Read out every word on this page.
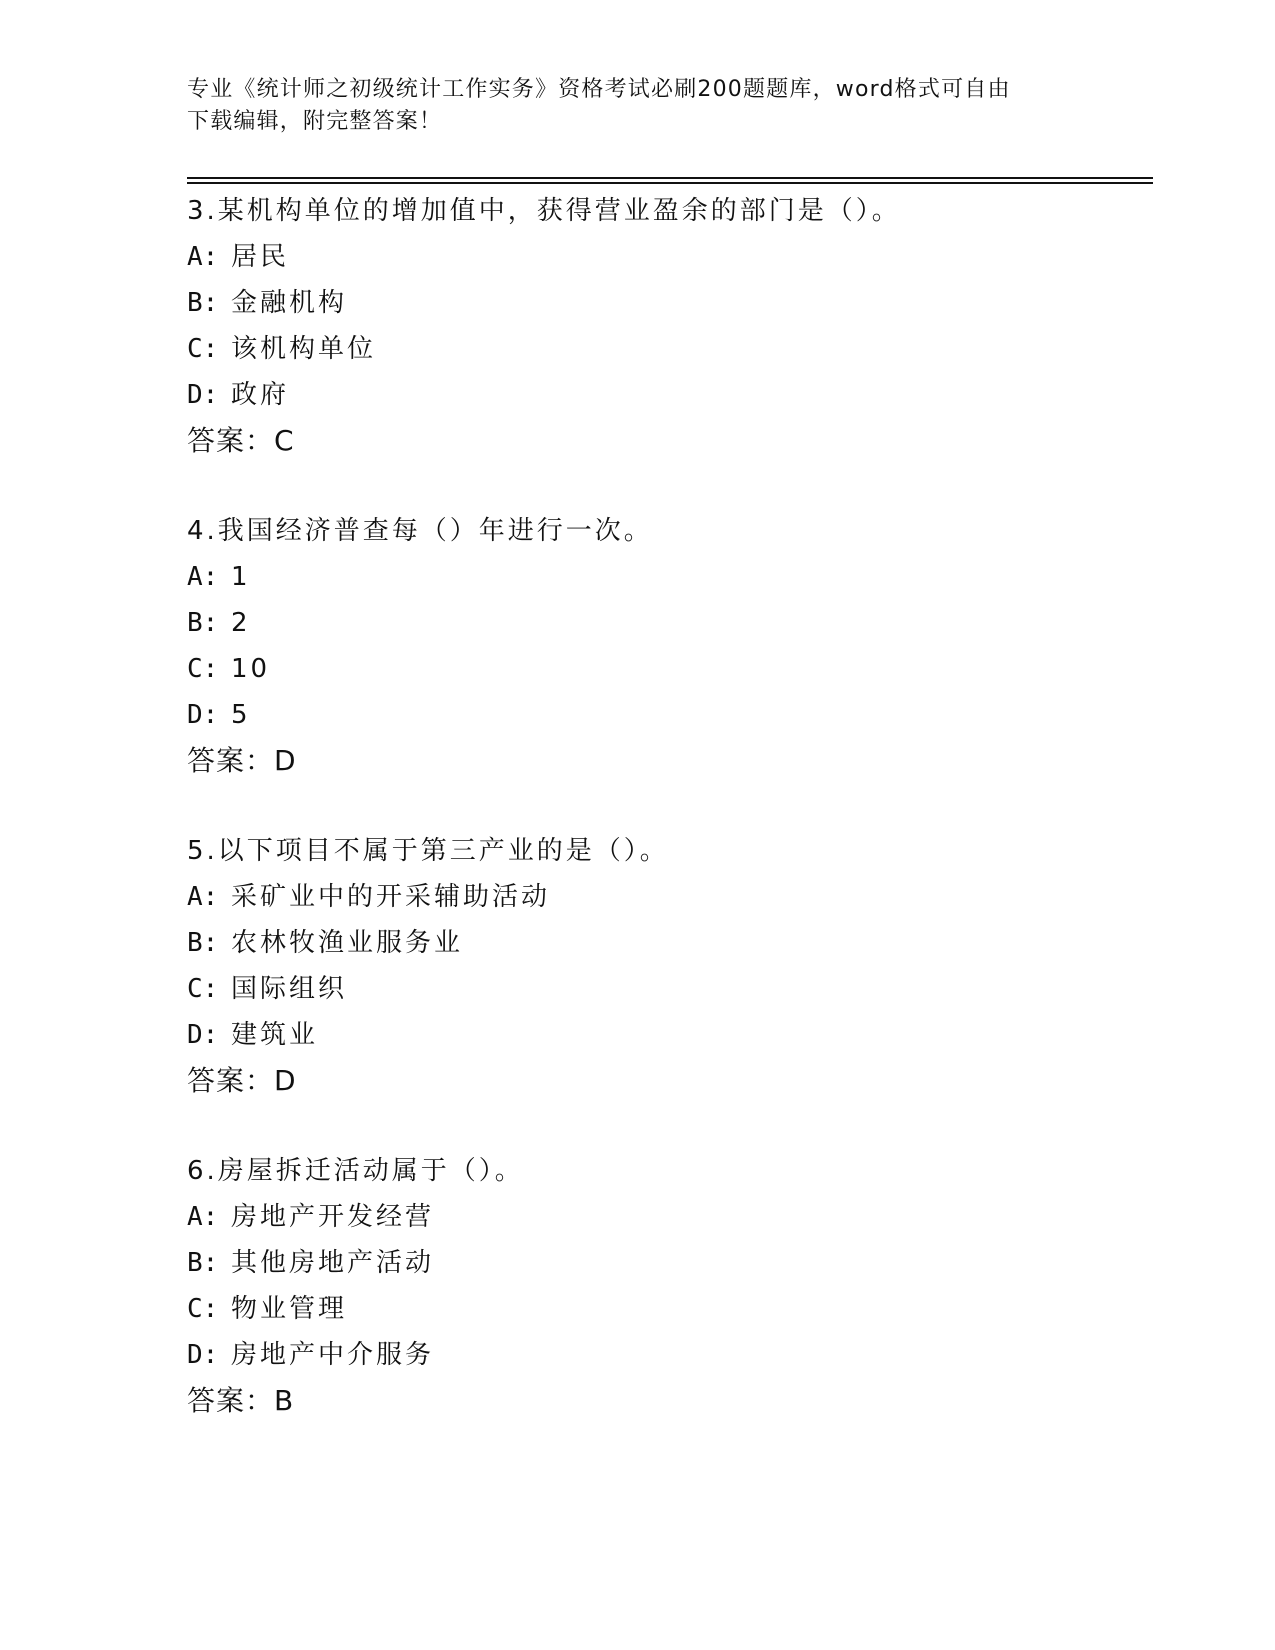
专业《统计师之初级统计工作实务》资格考试必刷200题题库，word格式可自由
下载编辑，附完整答案！
3.某机构单位的增加值中，获得营业盈余的部门是（）。
A: 居民
B: 金融机构
C: 该机构单位
D: 政府
答案：C
4.我国经济普查每（）年进行一次。
A: 1
B: 2
C: 10
D: 5
答案：D
5.以下项目不属于第三产业的是（）。
A: 采矿业中的开采辅助活动
B: 农林牧渔业服务业
C: 国际组织
D: 建筑业
答案：D
6.房屋拆迁活动属于（）。
A: 房地产开发经营
B: 其他房地产活动
C: 物业管理
D: 房地产中介服务
答案：B
